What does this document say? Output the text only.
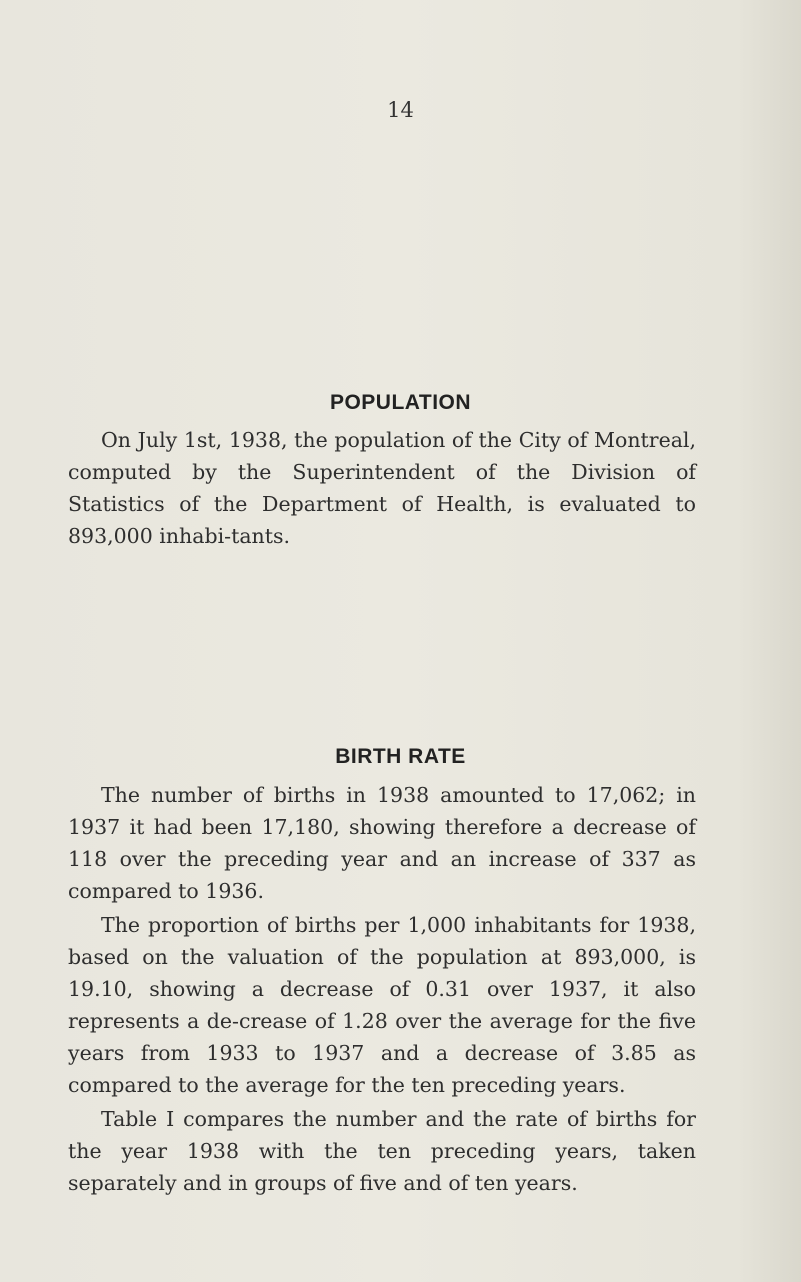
14
POPULATION

On July 1st, 1938, the population of the City of Montreal, computed by the Superintendent of the Division of Statistics of the Department of Health, is evaluated to 893,000 inhabi-tants.

BIRTH RATE

The number of births in 1938 amounted to 17,062; in 1937 it had been 17,180, showing therefore a decrease of 118 over the preceding year and an increase of 337 as compared to 1936.

The proportion of births per 1,000 inhabitants for 1938, based on the valuation of the population at 893,000, is 19.10, showing a decrease of 0.31 over 1937, it also represents a de-crease of 1.28 over the average for the five years from 1933 to 1937 and a decrease of 3.85 as compared to the average for the ten preceding years.

Table I compares the number and the rate of births for the year 1938 with the ten preceding years, taken separately and in groups of five and of ten years.
